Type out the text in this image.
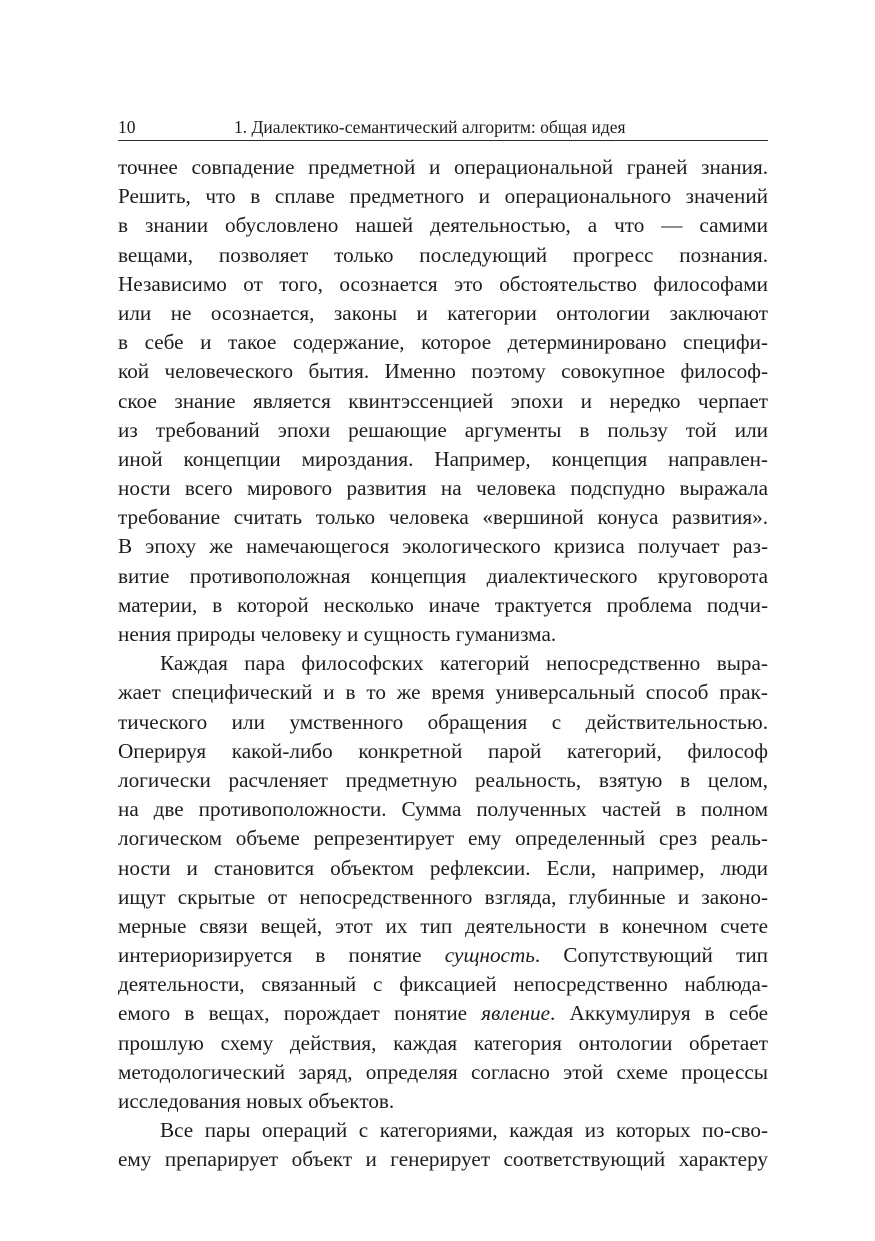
10	1. Диалектико-семантический алгоритм: общая идея
точнее совпадение предметной и операциональной граней знания.
Решить, что в сплаве предметного и операционального значений
в знании обусловлено нашей деятельностью, а что — самими
вещами, позволяет только последующий прогресс познания.
Независимо от того, осознается это обстоятельство философами
или не осознается, законы и категории онтологии заключают
в себе и такое содержание, которое детерминировано специфи-
кой человеческого бытия. Именно поэтому совокупное философ-
ское знание является квинтэссенцией эпохи и нередко черпает
из требований эпохи решающие аргументы в пользу той или
иной концепции мироздания. Например, концепция направлен-
ности всего мирового развития на человека подспудно выражала
требование считать только человека «вершиной конуса развития».
В эпоху же намечающегося экологического кризиса получает раз-
витие противоположная концепция диалектического круговорота
материи, в которой несколько иначе трактуется проблема подчи-
нения природы человеку и сущность гуманизма.
Каждая пара философских категорий непосредственно выра-
жает специфический и в то же время универсальный способ прак-
тического или умственного обращения с действительностью.
Оперируя какой-либо конкретной парой категорий, философ
логически расчленяет предметную реальность, взятую в целом,
на две противоположности. Сумма полученных частей в полном
логическом объеме репрезентирует ему определенный срез реаль-
ности и становится объектом рефлексии. Если, например, люди
ищут скрытые от непосредственного взгляда, глубинные и законо-
мерные связи вещей, этот их тип деятельности в конечном счете
интериоризируется в понятие сущность. Сопутствующий тип
деятельности, связанный с фиксацией непосредственно наблюда-
емого в вещах, порождает понятие явление. Аккумулируя в себе
прошлую схему действия, каждая категория онтологии обретает
методологический заряд, определяя согласно этой схеме процессы
исследования новых объектов.
Все пары операций с категориями, каждая из которых по-сво-
ему препарирует объект и генерирует соответствующий характеру
